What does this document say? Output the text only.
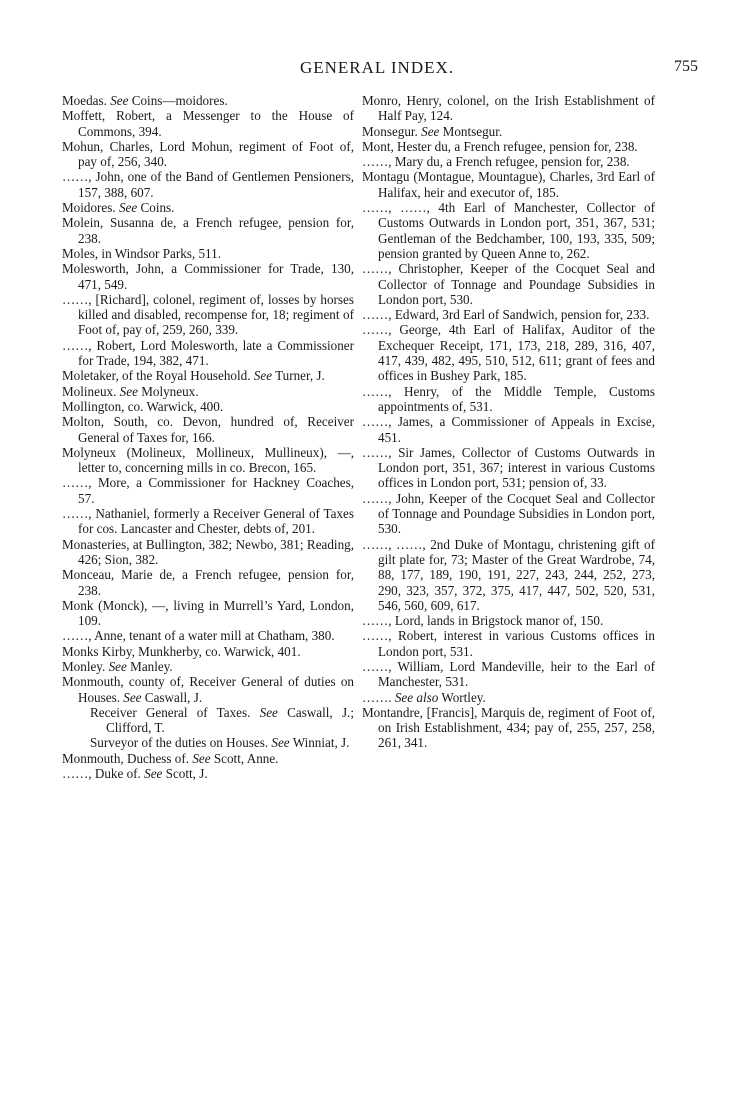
GENERAL INDEX.	755
Moedas. See Coins—moidores.
Moffett, Robert, a Messenger to the House of Commons, 394.
Mohun, Charles, Lord Mohun, regiment of Foot of, pay of, 256, 340.
……, John, one of the Band of Gentlemen Pensioners, 157, 388, 607.
Moidores. See Coins.
Molein, Susanna de, a French refugee, pension for, 238.
Moles, in Windsor Parks, 511.
Molesworth, John, a Commissioner for Trade, 130, 471, 549.
……, [Richard], colonel, regiment of, losses by horses killed and disabled, recompense for, 18; regiment of Foot of, pay of, 259, 260, 339.
……, Robert, Lord Molesworth, late a Commissioner for Trade, 194, 382, 471.
Moletaker, of the Royal Household. See Turner, J.
Molineux. See Molyneux.
Mollington, co. Warwick, 400.
Molton, South, co. Devon, hundred of, Receiver General of Taxes for, 166.
Molyneux (Molineux, Mollineux, Mullineux), —, letter to, concerning mills in co. Brecon, 165.
……, More, a Commissioner for Hackney Coaches, 57.
……, Nathaniel, formerly a Receiver General of Taxes for cos. Lancaster and Chester, debts of, 201.
Monasteries, at Bullington, 382; Newbo, 381; Reading, 426; Sion, 382.
Monceau, Marie de, a French refugee, pension for, 238.
Monk (Monck), —, living in Murrell’s Yard, London, 109.
……, Anne, tenant of a water mill at Chatham, 380.
Monks Kirby, Munkherby, co. Warwick, 401.
Monley. See Manley.
Monmouth, county of, Receiver General of duties on Houses. See Caswall, J.
Receiver General of Taxes. See Caswall, J.; Clifford, T.
Surveyor of the duties on Houses. See Winniat, J.
Monmouth, Duchess of. See Scott, Anne.
……, Duke of. See Scott, J.
Monro, Henry, colonel, on the Irish Establishment of Half Pay, 124.
Monsegur. See Montsegur.
Mont, Hester du, a French refugee, pension for, 238.
……, Mary du, a French refugee, pension for, 238.
Montagu (Montague, Mountague), Charles, 3rd Earl of Halifax, heir and executor of, 185.
……, ……, 4th Earl of Manchester, Collector of Customs Outwards in London port, 351, 367, 531; Gentleman of the Bedchamber, 100, 193, 335, 509; pension granted by Queen Anne to, 262.
……, Christopher, Keeper of the Cocquet Seal and Collector of Tonnage and Poundage Subsidies in London port, 530.
……, Edward, 3rd Earl of Sandwich, pension for, 233.
……, George, 4th Earl of Halifax, Auditor of the Exchequer Receipt, 171, 173, 218, 289, 316, 407, 417, 439, 482, 495, 510, 512, 611; grant of fees and offices in Bushey Park, 185.
……, Henry, of the Middle Temple, Customs appointments of, 531.
……, James, a Commissioner of Appeals in Excise, 451.
……, Sir James, Collector of Customs Outwards in London port, 351, 367; interest in various Customs offices in London port, 531; pension of, 33.
……, John, Keeper of the Cocquet Seal and Collector of Tonnage and Poundage Subsidies in London port, 530.
……, ……, 2nd Duke of Montagu, christening gift of gilt plate for, 73; Master of the Great Wardrobe, 74, 88, 177, 189, 190, 191, 227, 243, 244, 252, 273, 290, 323, 357, 372, 375, 417, 447, 502, 520, 531, 546, 560, 609, 617.
……, Lord, lands in Brigstock manor of, 150.
……, Robert, interest in various Customs offices in London port, 531.
……, William, Lord Mandeville, heir to the Earl of Manchester, 531.
……. See also Wortley.
Montandre, [Francis], Marquis de, regiment of Foot of, on Irish Establishment, 434; pay of, 255, 257, 258, 261, 341.
